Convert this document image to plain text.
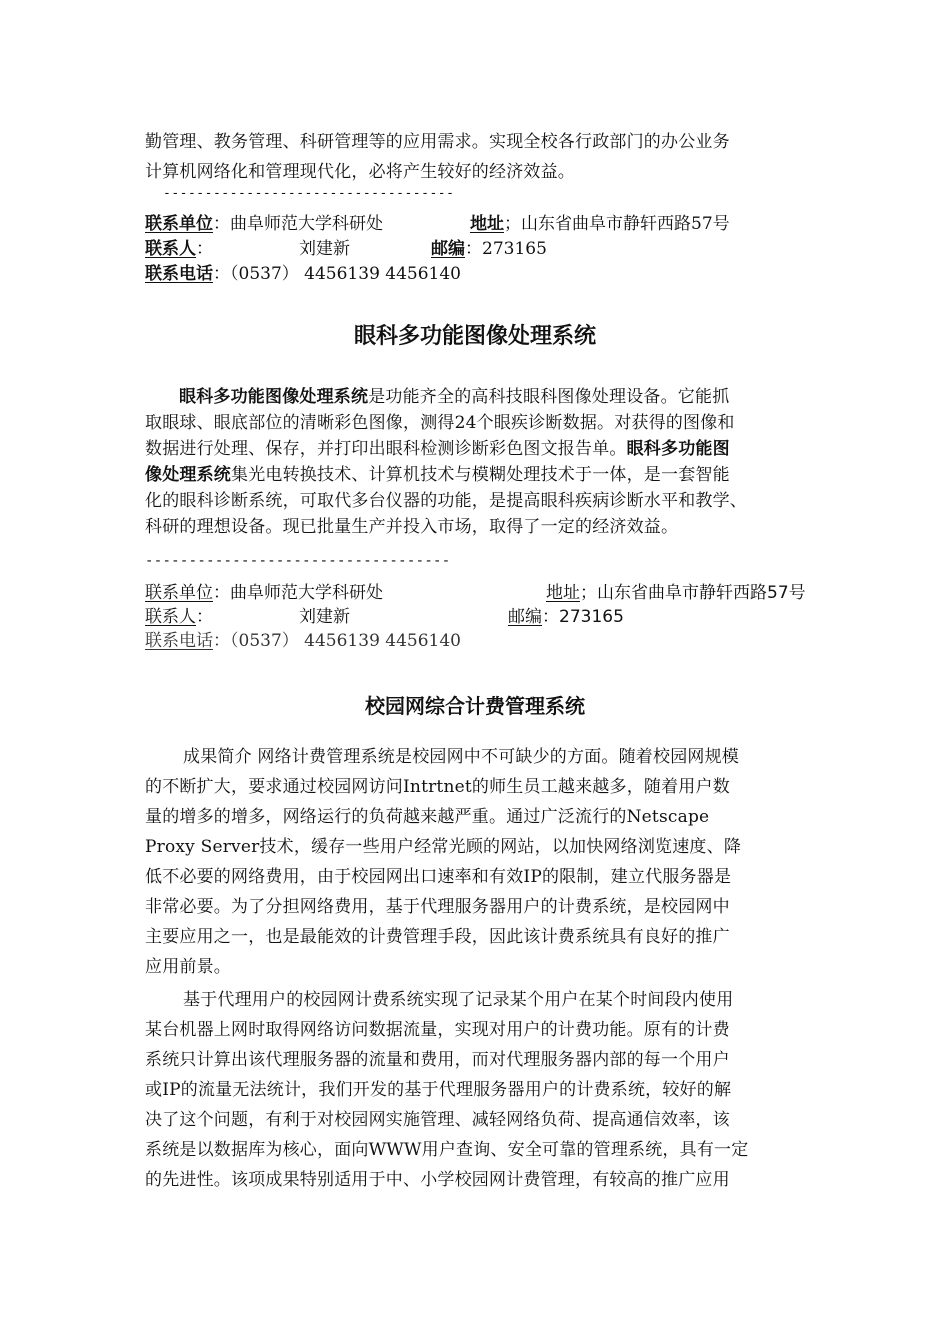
勤管理、教务管理、科研管理等的应用需求。实现全校各行政部门的办公业务
计算机网络化和管理现代化，必将产生较好的经济效益。
-----------------------------------
联系单位：曲阜师范大学科研处	地址；山东省曲阜市静轩西路57号
联系人：	刘建新	邮编：273165
联系电话：（0537） 4456139 4456140
眼科多功能图像处理系统
眼科多功能图像处理系统是功能齐全的高科技眼科图像处理设备。它能抓
取眼球、眼底部位的清晰彩色图像，测得24个眼疾诊断数据。对获得的图像和
数据进行处理、保存，并打印出眼科检测诊断彩色图文报告单。眼科多功能图
像处理系统集光电转换技术、计算机技术与模糊处理技术于一体，是一套智能
化的眼科诊断系统，可取代多台仪器的功能，是提高眼科疾病诊断水平和教学、
科研的理想设备。现已批量生产并投入市场，取得了一定的经济效益。
-----------------------------------
联系单位：曲阜师范大学科研处	地址；山东省曲阜市静轩西路57号
联系人：	刘建新	邮编：273165
联系电话：（0537） 4456139 4456140
校园网综合计费管理系统
成果简介 网络计费管理系统是校园网中不可缺少的方面。随着校园网规模
的不断扩大，要求通过校园网访问Intrtnet的师生员工越来越多，随着用户数
量的增多的增多，网络运行的负荷越来越严重。通过广泛流行的Netscape
Proxy Server技术，缓存一些用户经常光顾的网站，以加快网络浏览速度、降
低不必要的网络费用，由于校园网出口速率和有效IP的限制，建立代服务器是
非常必要。为了分担网络费用，基于代理服务器用户的计费系统，是校园网中
主要应用之一，也是最能效的计费管理手段，因此该计费系统具有良好的推广
应用前景。
基于代理用户的校园网计费系统实现了记录某个用户在某个时间段内使用
某台机器上网时取得网络访问数据流量，实现对用户的计费功能。原有的计费
系统只计算出该代理服务器的流量和费用，而对代理服务器内部的每一个用户
或IP的流量无法统计，我们开发的基于代理服务器用户的计费系统，较好的解
决了这个问题，有利于对校园网实施管理、减轻网络负荷、提高通信效率，该
系统是以数据库为核心，面向WWW用户查询、安全可靠的管理系统，具有一定
的先进性。该项成果特别适用于中、小学校园网计费管理，有较高的推广应用
